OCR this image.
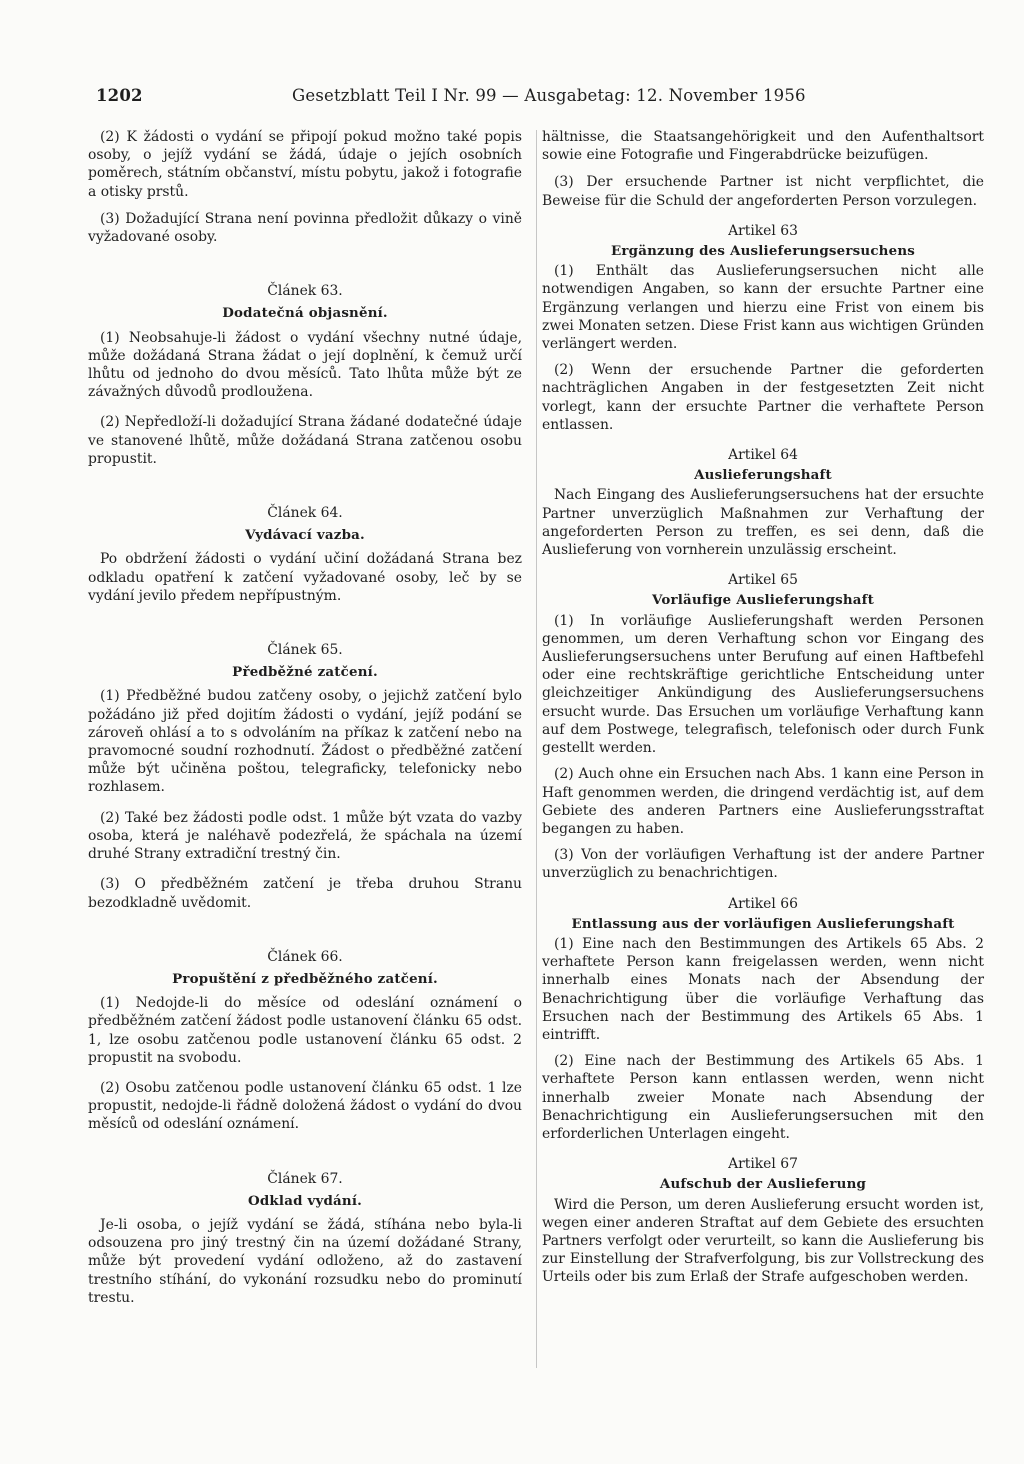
1202	Gesetzblatt Teil I Nr. 99 — Ausgabetag: 12. November 1956

(2) K žádosti o vydání se připojí pokud možno také popis osoby, o jejíž vydání se žádá, údaje o jejích osobních poměrech, státním občanství, místu pobytu, jakož i fotografie a otisky prstů.

(3) Dožadující Strana není povinna předložit důkazy o vině vyžadované osoby.

Článek 63.
Dodatečná objasnění.

(1) Neobsahuje-li žádost o vydání všechny nutné údaje, může dožádaná Strana žádat o její doplnění, k čemuž určí lhůtu od jednoho do dvou měsíců. Tato lhůta může být ze závažných důvodů prodloužena.

(2) Nepředloží-li dožadující Strana žádané dodatečné údaje ve stanovené lhůtě, může dožádaná Strana zatčenou osobu propustit.

Článek 64.
Vydávací vazba.

Po obdržení žádosti o vydání učiní dožádaná Strana bez odkladu opatření k zatčení vyžadované osoby, leč by se vydání jevilo předem nepřípustným.

Článek 65.
Předběžné zatčení.

(1) Předběžné budou zatčeny osoby, o jejichž zatčení bylo požádáno již před dojitím žádosti o vydání, jejíž podání se zároveň ohlásí a to s odvoláním na příkaz k zatčení nebo na pravomocné soudní rozhodnutí. Žádost o předběžné zatčení může být učiněna poštou, telegraficky, telefonicky nebo rozhlasem.

(2) Také bez žádosti podle odst. 1 může být vzata do vazby osoba, která je naléhavě podezřelá, že spáchala na území druhé Strany extradiční trestný čin.

(3) O předběžném zatčení je třeba druhou Stranu bezodkladně uvědomit.

Článek 66.
Propuštění z předběžného zatčení.

(1) Nedojde-li do měsíce od odeslání oznámení o předběžném zatčení žádost podle ustanovení článku 65 odst. 1, lze osobu zatčenou podle ustanovení článku 65 odst. 2 propustit na svobodu.

(2) Osobu zatčenou podle ustanovení článku 65 odst. 1 lze propustit, nedojde-li řádně doložená žádost o vydání do dvou měsíců od odeslání oznámení.

Článek 67.
Odklad vydání.

Je-li osoba, o jejíž vydání se žádá, stíhána nebo byla-li odsouzena pro jiný trestný čin na území dožádané Strany, může být provedení vydání odloženo, až do zastavení trestního stíhání, do vykonání rozsudku nebo do prominutí trestu.

hältnisse, die Staatsangehörigkeit und den Aufenthaltsort sowie eine Fotografie und Fingerabdrücke beizufügen.

(3) Der ersuchende Partner ist nicht verpflichtet, die Beweise für die Schuld der angeforderten Person vorzulegen.

Artikel 63
Ergänzung des Auslieferungsersuchens

(1) Enthält das Auslieferungsersuchen nicht alle notwendigen Angaben, so kann der ersuchte Partner eine Ergänzung verlangen und hierzu eine Frist von einem bis zwei Monaten setzen. Diese Frist kann aus wichtigen Gründen verlängert werden.

(2) Wenn der ersuchende Partner die geforderten nachträglichen Angaben in der festgesetzten Zeit nicht vorlegt, kann der ersuchte Partner die verhaftete Person entlassen.

Artikel 64
Auslieferungshaft

Nach Eingang des Auslieferungsersuchens hat der ersuchte Partner unverzüglich Maßnahmen zur Verhaftung der angeforderten Person zu treffen, es sei denn, daß die Auslieferung von vornherein unzulässig erscheint.

Artikel 65
Vorläufige Auslieferungshaft

(1) In vorläufige Auslieferungshaft werden Personen genommen, um deren Verhaftung schon vor Eingang des Auslieferungsersuchens unter Berufung auf einen Haftbefehl oder eine rechtskräftige gerichtliche Entscheidung unter gleichzeitiger Ankündigung des Auslieferungsersuchens ersucht wurde. Das Ersuchen um vorläufige Verhaftung kann auf dem Postwege, telegrafisch, telefonisch oder durch Funk gestellt werden.

(2) Auch ohne ein Ersuchen nach Abs. 1 kann eine Person in Haft genommen werden, die dringend verdächtig ist, auf dem Gebiete des anderen Partners eine Auslieferungsstraftat begangen zu haben.

(3) Von der vorläufigen Verhaftung ist der andere Partner unverzüglich zu benachrichtigen.

Artikel 66
Entlassung aus der vorläufigen Auslieferungshaft

(1) Eine nach den Bestimmungen des Artikels 65 Abs. 2 verhaftete Person kann freigelassen werden, wenn nicht innerhalb eines Monats nach der Absendung der Benachrichtigung über die vorläufige Verhaftung das Ersuchen nach der Bestimmung des Artikels 65 Abs. 1 eintrifft.

(2) Eine nach der Bestimmung des Artikels 65 Abs. 1 verhaftete Person kann entlassen werden, wenn nicht innerhalb zweier Monate nach Absendung der Benachrichtigung ein Auslieferungsersuchen mit den erforderlichen Unterlagen eingeht.

Artikel 67
Aufschub der Auslieferung

Wird die Person, um deren Auslieferung ersucht worden ist, wegen einer anderen Straftat auf dem Gebiete des ersuchten Partners verfolgt oder verurteilt, so kann die Auslieferung bis zur Einstellung der Strafverfolgung, bis zur Vollstreckung des Urteils oder bis zum Erlaß der Strafe aufgeschoben werden.
